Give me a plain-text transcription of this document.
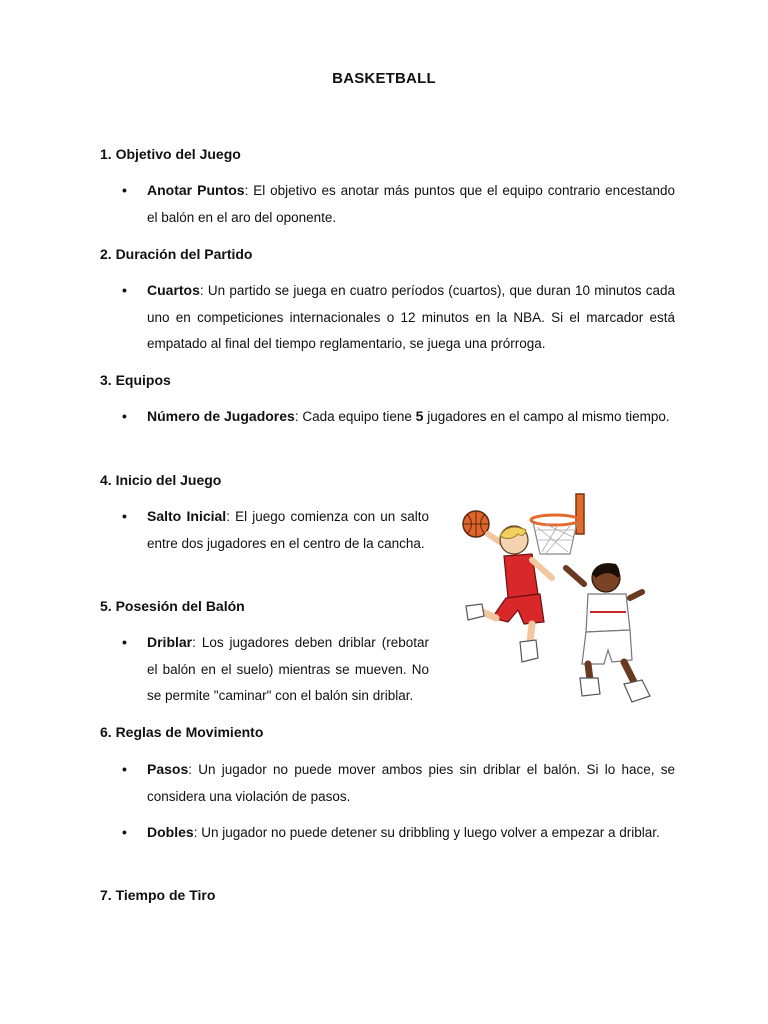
BASKETBALL
1. Objetivo del Juego
• Anotar Puntos: El objetivo es anotar más puntos que el equipo contrario encestando el balón en el aro del oponente.
2. Duración del Partido
• Cuartos: Un partido se juega en cuatro períodos (cuartos), que duran 10 minutos cada uno en competiciones internacionales o 12 minutos en la NBA. Si el marcador está empatado al final del tiempo reglamentario, se juega una prórroga.
3. Equipos
• Número de Jugadores: Cada equipo tiene 5 jugadores en el campo al mismo tiempo.
4. Inicio del Juego
• Salto Inicial: El juego comienza con un salto entre dos jugadores en el centro de la cancha.
5. Posesión del Balón
• Driblar: Los jugadores deben driblar (rebotar el balón en el suelo) mientras se mueven. No se permite "caminar" con el balón sin driblar.
6. Reglas de Movimiento
• Pasos: Un jugador no puede mover ambos pies sin driblar el balón. Si lo hace, se considera una violación de pasos.
• Dobles: Un jugador no puede detener su dribbling y luego volver a empezar a driblar.
7. Tiempo de Tiro
